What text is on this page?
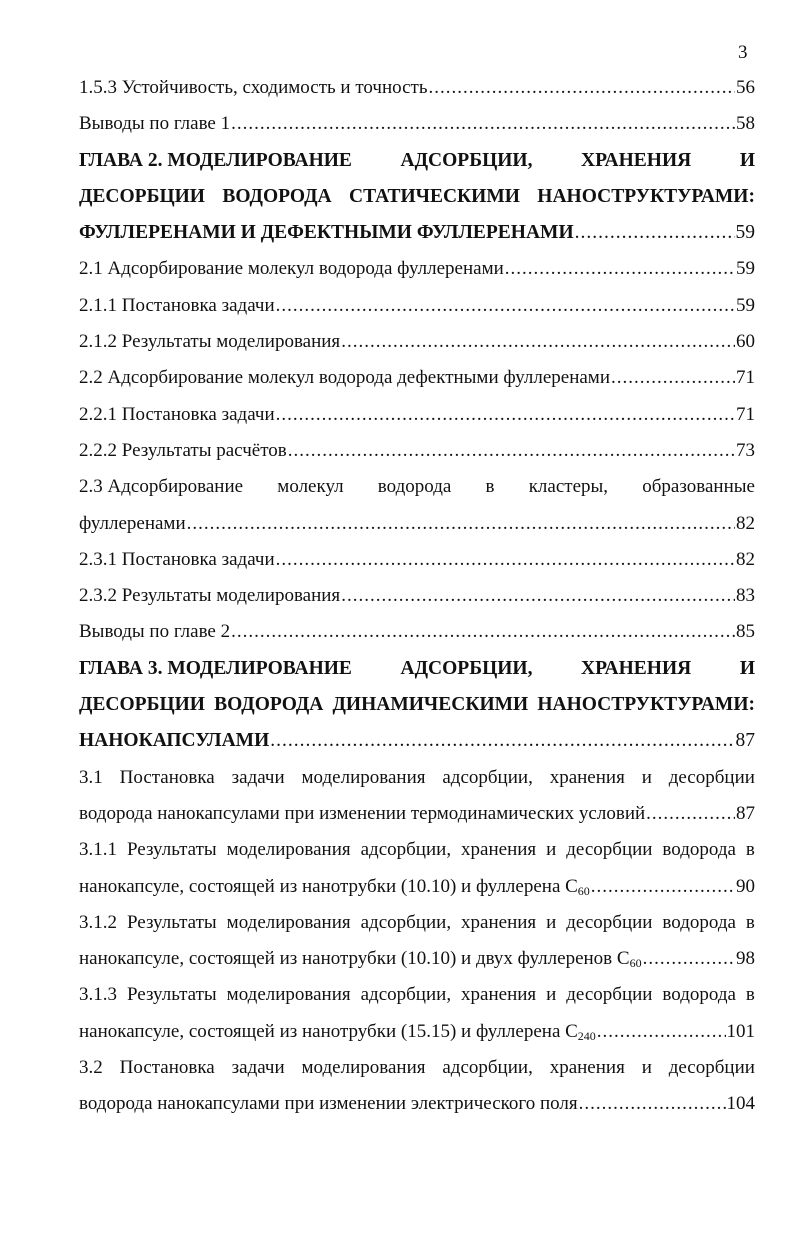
3
1.5.3 Устойчивость, сходимость и точность .....	56
Выводы по главе 1 .....	58
ГЛАВА 2. МОДЕЛИРОВАНИЕ АДСОРБЦИИ, ХРАНЕНИЯ И
ДЕСОРБЦИИ ВОДОРОДА СТАТИЧЕСКИМИ НАНОСТРУКТУРАМИ:
ФУЛЛЕРЕНАМИ И ДЕФЕКТНЫМИ ФУЛЛЕРЕНАМИ .....	59
2.1 Адсорбирование молекул водорода фуллеренами .....	59
2.1.1 Постановка задачи .....	59
2.1.2 Результаты моделирования .....	60
2.2 Адсорбирование молекул водорода дефектными фуллеренами .....	71
2.2.1 Постановка задачи .....	71
2.2.2 Результаты расчётов .....	73
2.3 Адсорбирование молекул водорода в кластеры, образованные
фуллеренами .....	82
2.3.1 Постановка задачи .....	82
2.3.2 Результаты моделирования .....	83
Выводы по главе 2 .....	85
ГЛАВА 3. МОДЕЛИРОВАНИЕ АДСОРБЦИИ, ХРАНЕНИЯ И
ДЕСОРБЦИИ ВОДОРОДА ДИНАМИЧЕСКИМИ НАНОСТРУКТУРАМИ:
НАНОКАПСУЛАМИ .....	87
3.1 Постановка задачи моделирования адсорбции, хранения и десорбции
водорода нанокапсулами при изменении термодинамических условий .....	87
3.1.1 Результаты моделирования адсорбции, хранения и десорбции водорода в
нанокапсуле, состоящей из нанотрубки (10.10) и фуллерена $C_{60}$ .....	90
3.1.2 Результаты моделирования адсорбции, хранения и десорбции водорода в
нанокапсуле, состоящей из нанотрубки (10.10) и двух фуллеренов $C_{60}$ .....	98
3.1.3 Результаты моделирования адсорбции, хранения и десорбции водорода в
нанокапсуле, состоящей из нанотрубки (15.15) и фуллерена $C_{240}$ .....	101
3.2 Постановка задачи моделирования адсорбции, хранения и десорбции
водорода нанокапсулами при изменении электрического поля .....	104
